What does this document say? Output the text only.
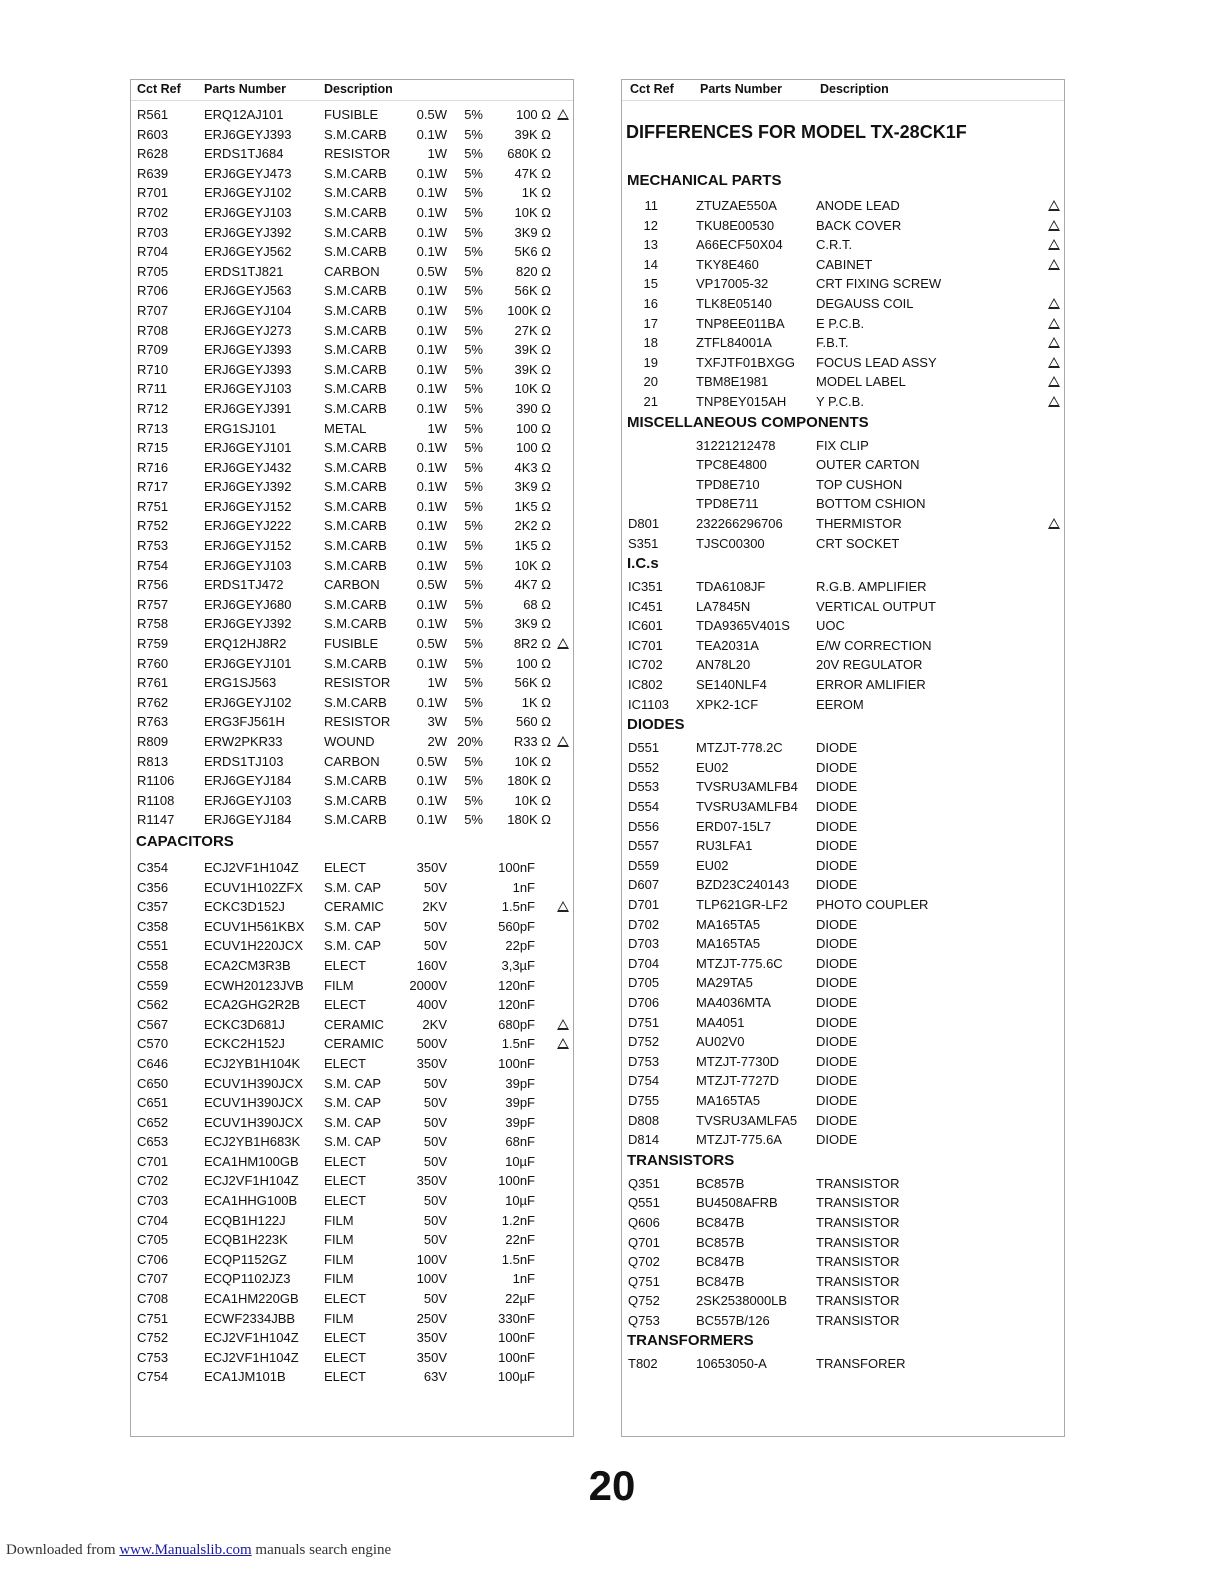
Cct Ref Parts Number	Description
R561	ERQ12AJ101	FUSIBLE	0.5W 5%	100 Ω
R603	ERJ6GEYJ393	S.M.CARB 0.1W 5% 39K Ω
R628	ERDS1TJ684	RESISTOR	1W 5% 680K Ω
R639	ERJ6GEYJ473	S.M.CARB 0.1W 5% 47K Ω
R701	ERJ6GEYJ102	S.M.CARB 0.1W 5%	1K Ω
R702	ERJ6GEYJ103	S.M.CARB 0.1W 5% 10K Ω
R703	ERJ6GEYJ392	S.M.CARB 0.1W 5% 3K9 Ω
R704	ERJ6GEYJ562	S.M.CARB 0.1W 5% 5K6 Ω
R705	ERDS1TJ821	CARBON	0.5W 5%	820 Ω
R706	ERJ6GEYJ563	S.M.CARB 0.1W 5% 56K Ω
R707	ERJ6GEYJ104	S.M.CARB 0.1W 5% 100K Ω
R708	ERJ6GEYJ273	S.M.CARB 0.1W 5% 27K Ω
R709	ERJ6GEYJ393	S.M.CARB 0.1W 5% 39K Ω
R710	ERJ6GEYJ393	S.M.CARB 0.1W 5% 39K Ω
R711	ERJ6GEYJ103	S.M.CARB 0.1W 5% 10K Ω
R712	ERJ6GEYJ391	S.M.CARB 0.1W 5%	390 Ω
R713	ERG1SJ101	METAL	1W 5%	100 Ω
R715	ERJ6GEYJ101	S.M.CARB 0.1W 5%	100 Ω
R716	ERJ6GEYJ432	S.M.CARB 0.1W 5% 4K3 Ω
R717	ERJ6GEYJ392	S.M.CARB 0.1W 5% 3K9 Ω
R751	ERJ6GEYJ152	S.M.CARB 0.1W 5% 1K5 Ω
R752	ERJ6GEYJ222	S.M.CARB 0.1W 5% 2K2 Ω
R753	ERJ6GEYJ152	S.M.CARB 0.1W 5% 1K5 Ω
R754	ERJ6GEYJ103	S.M.CARB 0.1W 5% 10K Ω
R756	ERDS1TJ472	CARBON	0.5W 5% 4K7 Ω
R757	ERJ6GEYJ680	S.M.CARB 0.1W 5%	68 Ω
R758	ERJ6GEYJ392	S.M.CARB 0.1W 5% 3K9 Ω
R759	ERQ12HJ8R2	FUSIBLE	0.5W 5% 8R2 Ω
R760	ERJ6GEYJ101	S.M.CARB 0.1W 5%	100 Ω
R761	ERG1SJ563	RESISTOR	1W 5% 56K Ω
R762	ERJ6GEYJ102	S.M.CARB 0.1W 5%	1K Ω
R763	ERG3FJ561H	RESISTOR	3W 5%	560 Ω
R809	ERW2PKR33	WOUND	2W 20% R33 Ω
R813	ERDS1TJ103	CARBON	0.5W 5% 10K Ω
R1106 ERJ6GEYJ184	S.M.CARB 0.1W 5% 180K Ω
R1108 ERJ6GEYJ103	S.M.CARB 0.1W 5% 10K Ω
R1147 ERJ6GEYJ184	S.M.CARB 0.1W 5% 180K Ω
CAPACITORS
C354	ECJ2VF1H104Z ELECT	350V	100nF
C356	ECUV1H102ZFX S.M. CAP	50V	1nF
C357	ECKC3D152J	CERAMIC	2KV	1.5nF
C358	ECUV1H561KBX S.M. CAP	50V	560pF
C551	ECUV1H220JCX S.M. CAP	50V	22pF
C558	ECA2CM3R3B	ELECT	160V	3,3µF
C559	ECWH20123JVB FILM	2000V	120nF
C562	ECA2GHG2R2B ELECT	400V	120nF
C567	ECKC3D681J	CERAMIC	2KV	680pF
C570	ECKC2H152J	CERAMIC	500V	1.5nF
C646	ECJ2YB1H104K ELECT	350V	100nF
C650	ECUV1H390JCX S.M. CAP	50V	39pF
C651	ECUV1H390JCX S.M. CAP	50V	39pF
C652	ECUV1H390JCX S.M. CAP	50V	39pF
C653	ECJ2YB1H683K S.M. CAP	50V	68nF
C701	ECA1HM100GB ELECT	50V	10µF
C702	ECJ2VF1H104Z ELECT	350V	100nF
C703	ECA1HHG100B ELECT	50V	10µF
C704	ECQB1H122J	FILM	50V	1.2nF
C705	ECQB1H223K	FILM	50V	22nF
C706	ECQP1152GZ	FILM	100V	1.5nF
C707	ECQP1102JZ3	FILM	100V	1nF
C708	ECA1HM220GB ELECT	50V	22µF
C751	ECWF2334JBB FILM	250V	330nF
C752	ECJ2VF1H104Z ELECT	350V	100nF
C753	ECJ2VF1H104Z ELECT	350V	100nF
C754	ECA1JM101B	ELECT	63V	100µF
Cct Ref Parts Number	Description
DIFFERENCES FOR MODEL TX-28CK1F
MECHANICAL PARTS
11	ZTUZAE550A	ANODE LEAD
12	TKU8E00530	BACK COVER
13	A66ECF50X04	C.R.T.
14	TKY8E460	CABINET
15	VP17005-32	CRT FIXING SCREW
16	TLK8E05140	DEGAUSS COIL
17	TNP8EE011BA E P.C.B.
18	ZTFL84001A	F.B.T.
19	TXFJTF01BXGG FOCUS LEAD ASSY
20	TBM8E1981	MODEL LABEL
21	TNP8EY015AH Y P.C.B.
MISCELLANEOUS COMPONENTS
31221212478	FIX CLIP
TPC8E4800	OUTER CARTON
TPD8E710	TOP CUSHON
TPD8E711	BOTTOM CSHION
D801	232266296706	THERMISTOR
S351	TJSC00300	CRT SOCKET
I.C.s
IC351	TDA6108JF	R.G.B. AMPLIFIER
IC451	LA7845N	VERTICAL OUTPUT
IC601	TDA9365V401S UOC
IC701	TEA2031A	E/W CORRECTION
IC702	AN78L20	20V REGULATOR
IC802	SE140NLF4	ERROR AMLIFIER
IC1103 XPK2-1CF	EEROM
DIODES
D551	MTZJT-778.2C	DIODE
D552	EU02	DIODE
D553	TVSRU3AMLFB4 DIODE
D554	TVSRU3AMLFB4 DIODE
D556	ERD07-15L7	DIODE
D557	RU3LFA1	DIODE
D559	EU02	DIODE
D607	BZD23C240143 DIODE
D701	TLP621GR-LF2 PHOTO COUPLER
D702	MA165TA5	DIODE
D703	MA165TA5	DIODE
D704	MTZJT-775.6C	DIODE
D705	MA29TA5	DIODE
D706	MA4036MTA	DIODE
D751	MA4051	DIODE
D752	AU02V0	DIODE
D753	MTZJT-7730D	DIODE
D754	MTZJT-7727D	DIODE
D755	MA165TA5	DIODE
D808	TVSRU3AMLFA5 DIODE
D814	MTZJT-775.6A	DIODE
TRANSISTORS
Q351	BC857B	TRANSISTOR
Q551	BU4508AFRB	TRANSISTOR
Q606	BC847B	TRANSISTOR
Q701	BC857B	TRANSISTOR
Q702	BC847B	TRANSISTOR
Q751	BC847B	TRANSISTOR
Q752	2SK2538000LB TRANSISTOR
Q753	BC557B/126	TRANSISTOR
TRANSFORMERS
T802	10653050-A	TRANSFORER
20
Downloaded from www.Manualslib.com manuals search engine
